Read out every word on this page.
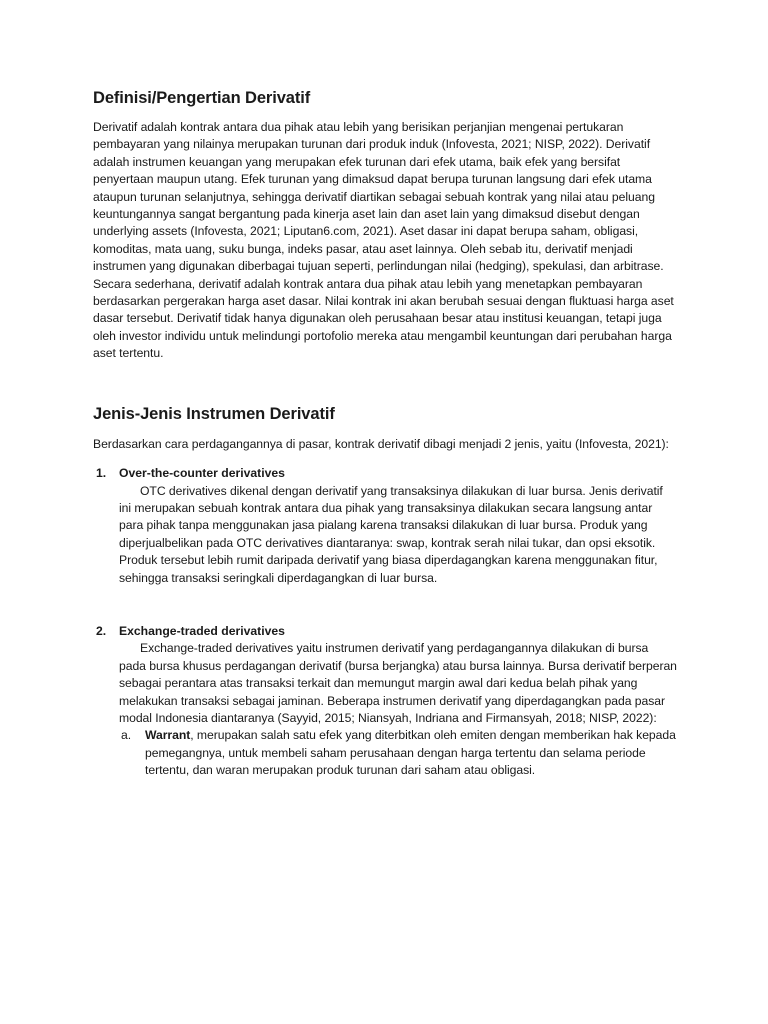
Definisi/Pengertian Derivatif

Derivatif adalah kontrak antara dua pihak atau lebih yang berisikan perjanjian mengenai pertukaran pembayaran yang nilainya merupakan turunan dari produk induk (Infovesta, 2021; NISP, 2022). Derivatif adalah instrumen keuangan yang merupakan efek turunan dari efek utama, baik efek yang bersifat penyertaan maupun utang. Efek turunan yang dimaksud dapat berupa turunan langsung dari efek utama ataupun turunan selanjutnya, sehingga derivatif diartikan sebagai sebuah kontrak yang nilai atau peluang keuntungannya sangat bergantung pada kinerja aset lain dan aset lain yang dimaksud disebut dengan underlying assets (Infovesta, 2021; Liputan6.com, 2021). Aset dasar ini dapat berupa saham, obligasi, komoditas, mata uang, suku bunga, indeks pasar, atau aset lainnya. Oleh sebab itu, derivatif menjadi instrumen yang digunakan diberbagai tujuan seperti, perlindungan nilai (hedging), spekulasi, dan arbitrase.

Secara sederhana, derivatif adalah kontrak antara dua pihak atau lebih yang menetapkan pembayaran berdasarkan pergerakan harga aset dasar. Nilai kontrak ini akan berubah sesuai dengan fluktuasi harga aset dasar tersebut. Derivatif tidak hanya digunakan oleh perusahaan besar atau institusi keuangan, tetapi juga oleh investor individu untuk melindungi portofolio mereka atau mengambil keuntungan dari perubahan harga aset tertentu.

Jenis-Jenis Instrumen Derivatif

Berdasarkan cara perdagangannya di pasar, kontrak derivatif dibagi menjadi 2 jenis, yaitu (Infovesta, 2021):

1. Over-the-counter derivatives

OTC derivatives dikenal dengan derivatif yang transaksinya dilakukan di luar bursa. Jenis derivatif ini merupakan sebuah kontrak antara dua pihak yang transaksinya dilakukan secara langsung antar para pihak tanpa menggunakan jasa pialang karena transaksi dilakukan di luar bursa. Produk yang diperjualbelikan pada OTC derivatives diantaranya: swap, kontrak serah nilai tukar, dan opsi eksotik. Produk tersebut lebih rumit daripada derivatif yang biasa diperdagangkan karena menggunakan fitur, sehingga transaksi seringkali diperdagangkan di luar bursa.

2. Exchange-traded derivatives

Exchange-traded derivatives yaitu instrumen derivatif yang perdagangannya dilakukan di bursa pada bursa khusus perdagangan derivatif (bursa berjangka) atau bursa lainnya. Bursa derivatif berperan sebagai perantara atas transaksi terkait dan memungut margin awal dari kedua belah pihak yang melakukan transaksi sebagai jaminan. Beberapa instrumen derivatif yang diperdagangkan pada pasar modal Indonesia diantaranya (Sayyid, 2015; Niansyah, Indriana and Firmansyah, 2018; NISP, 2022):

a. Warrant, merupakan salah satu efek yang diterbitkan oleh emiten dengan memberikan hak kepada pemegangnya, untuk membeli saham perusahaan dengan harga tertentu dan selama periode tertentu, dan waran merupakan produk turunan dari saham atau obligasi.
